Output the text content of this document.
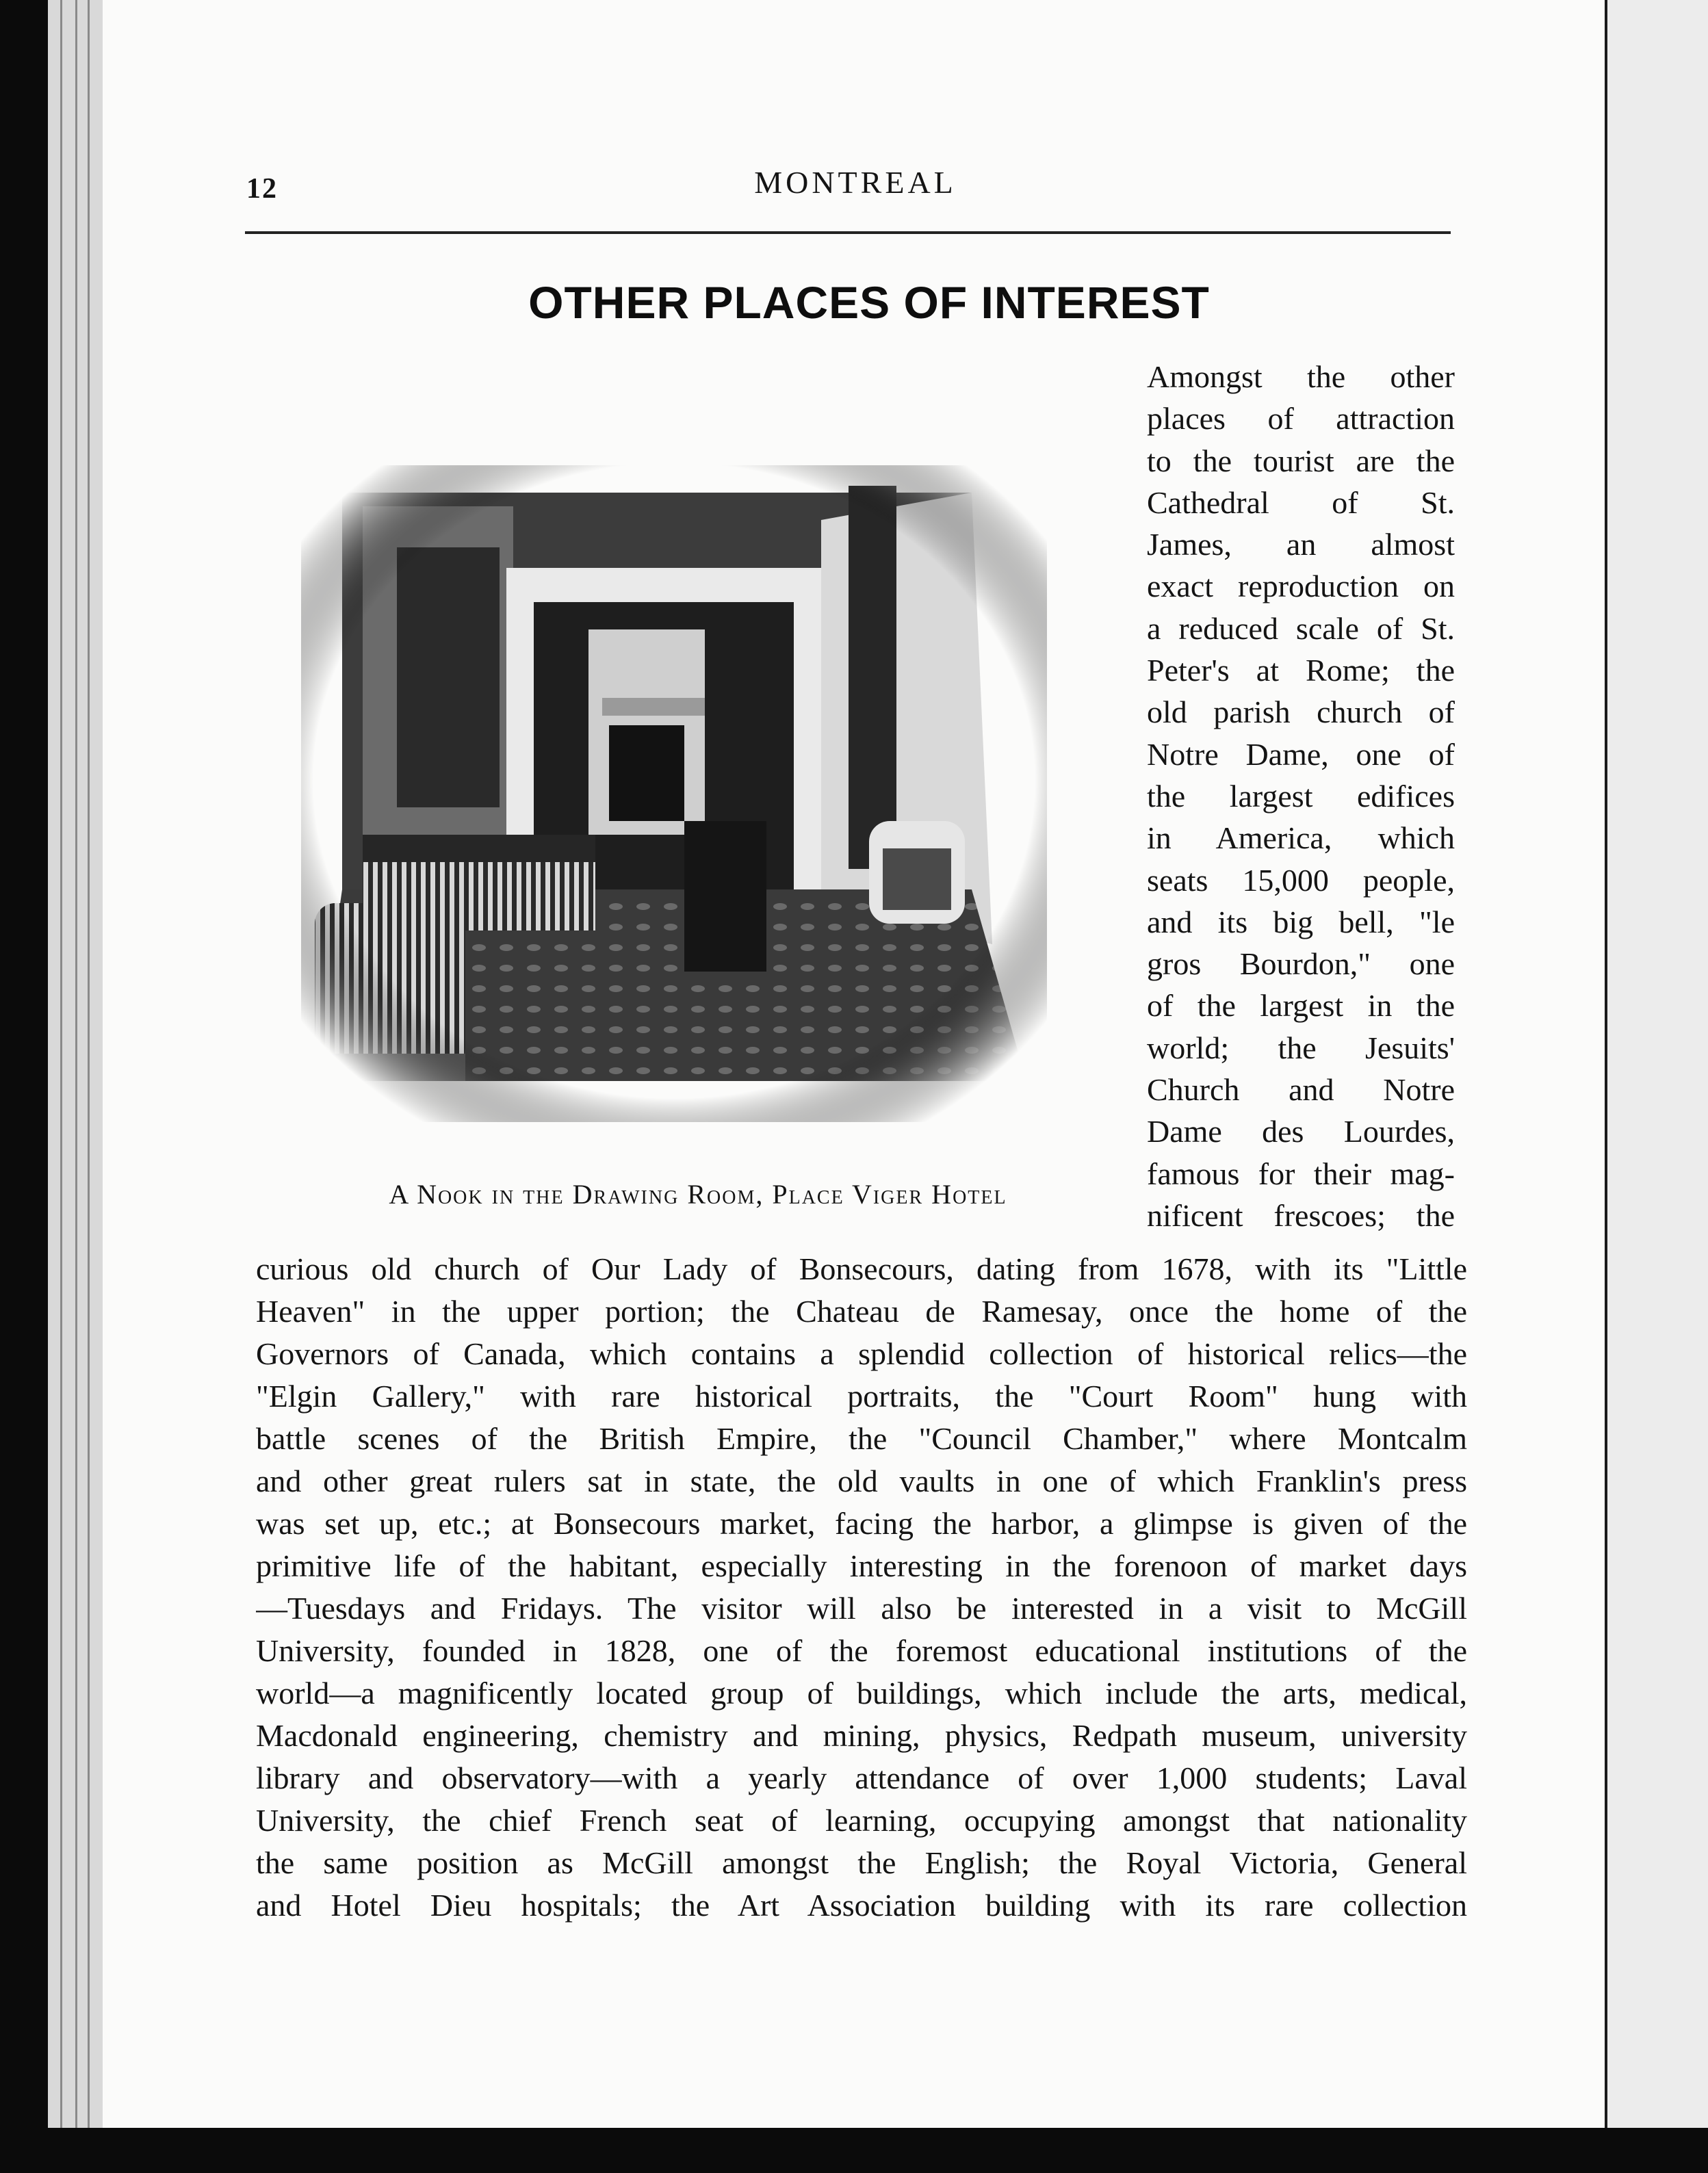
12	MONTREAL
OTHER PLACES OF INTEREST
A Nook in the Drawing Room, Place Viger Hotel
Amongst the other
places of attraction
to the tourist are the
Cathedral of St.
James, an almost
exact reproduction on
a reduced scale of St.
Peter's at Rome; the
old parish church of
Notre Dame, one of
the largest edifices
in America, which
seats 15,000 people,
and its big bell, "le
gros Bourdon," one
of the largest in the
world; the Jesuits'
Church and Notre
Dame des Lourdes,
famous for their mag-
nificent frescoes; the
curious old church of Our Lady of Bonsecours, dating from 1678, with its "Little
Heaven" in the upper portion; the Chateau de Ramesay, once the home of the
Governors of Canada, which contains a splendid collection of historical relics—the
"Elgin Gallery," with rare historical portraits, the "Court Room" hung with
battle scenes of the British Empire, the "Council Chamber," where Montcalm
and other great rulers sat in state, the old vaults in one of which Franklin's press
was set up, etc.; at Bonsecours market, facing the harbor, a glimpse is given of the
primitive life of the habitant, especially interesting in the forenoon of market days
—Tuesdays and Fridays. The visitor will also be interested in a visit to McGill
University, founded in 1828, one of the foremost educational institutions of the
world—a magnificently located group of buildings, which include the arts, medical,
Macdonald engineering, chemistry and mining, physics, Redpath museum, university
library and observatory—with a yearly attendance of over 1,000 students; Laval
University, the chief French seat of learning, occupying amongst that nationality
the same position as McGill amongst the English; the Royal Victoria, General
and Hotel Dieu hospitals; the Art Association building with its rare collection
